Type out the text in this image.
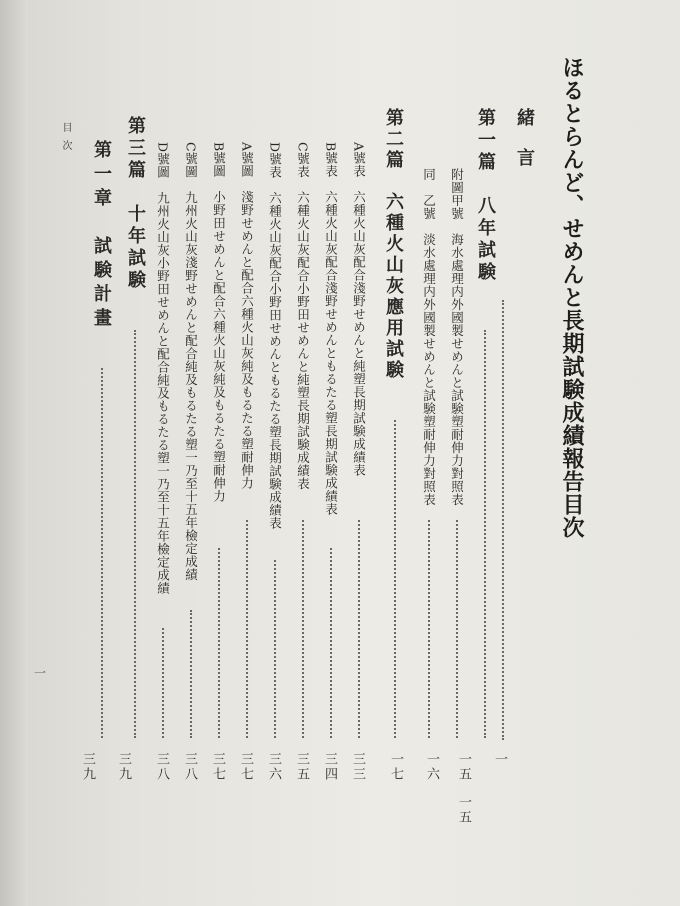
ほるとらんど、せめんと長期試験成績報告目次
緒言
一
第一篇　八年試験
一五
附圖甲號　海水處理内外國製せめんと試験塑耐伸力對照表
一五
同　乙號　淡水處理内外國製せめんと試験塑耐伸力對照表
一六
第二篇　六種火山灰應用試験
一七
A號表　六種火山灰配合淺野せめんと純塑長期試験成績表
三三
B號表　六種火山灰配合淺野せめんともるたる塑長期試験成績表
三四
C號表　六種火山灰配合小野田せめんと純塑長期試験成績表
三五
D號表　六種火山灰配合小野田せめんともるたる塑長期試験成績表
三六
A號圖　淺野せめんと配合六種火山灰純及もるたる塑耐伸力
三七
B號圖　小野田せめんと配合六種火山灰純及もるたる塑耐伸力
三七
C號圖　九州火山灰淺野せめんと配合純及もるたる塑一乃至十五年檢定成績
三八
D號圖　九州火山灰小野田せめんと配合純及もるたる塑一乃至十五年檢定成績
三八
第三篇　十年試験
三九
第一章　試験計畫
三九
目次
一
